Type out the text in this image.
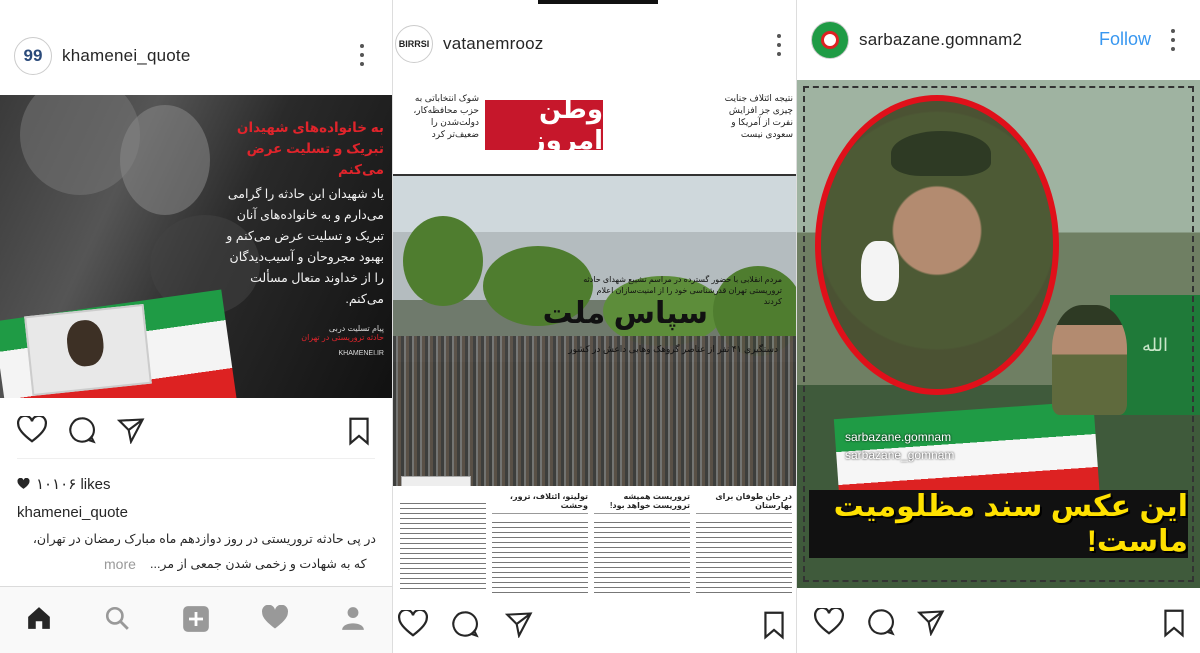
99 khamenei_quote
به خانواده‌های شهیدان تبریک و تسلیت عرض می‌کنم
یاد شهیدان این حادثه را گرامی می‌دارم و به خانواده‌های آنان تبریک و تسلیت عرض می‌کنم و بهبود مجروحان و آسیب‌دیدگان را از خداوند متعال مسألت می‌کنم.
پیام تسلیت دربی
حادثه تروریستی در تهران
KHAMENEI.IR
۱۰۱۰۶ likes
khamenei_quote
در پی حادثه تروریستی در روز دوازدهم ماه مبارک رمضان در تهران،
more که به شهادت و زخمی شدن جمعی از مر...
BIRRSI vatanemrooz
شوک انتخاباتی به حزب محافظه‌کار، دولت‌شدن را ضعیف‌تر کرد
وطن امروز
نتیجه ائتلاف جنایت چیزی جز افزایش نفرت از آمریکا و سعودی نیست
مردم انقلابی با حضور گسترده در مراسم تشییع شهدای حادثه تروریستی تهران قدرشناسی خود را از امنیت‌سازان اعلام کردند
سپاس ملت
دستگیری ۴۱ نفر از عناصر گروهک وهابی داعش در کشور
در خان طوفان برای بهارستان
تروریست همیشه تروریست خواهد بود!
توليتو، ائتلاف، ترور، وحشت
sarbazane.gomnam2	Follow
الله
sarbazane.gomnam
sarbazane_gomnam
این عکس سند مظلومیت ماست!
